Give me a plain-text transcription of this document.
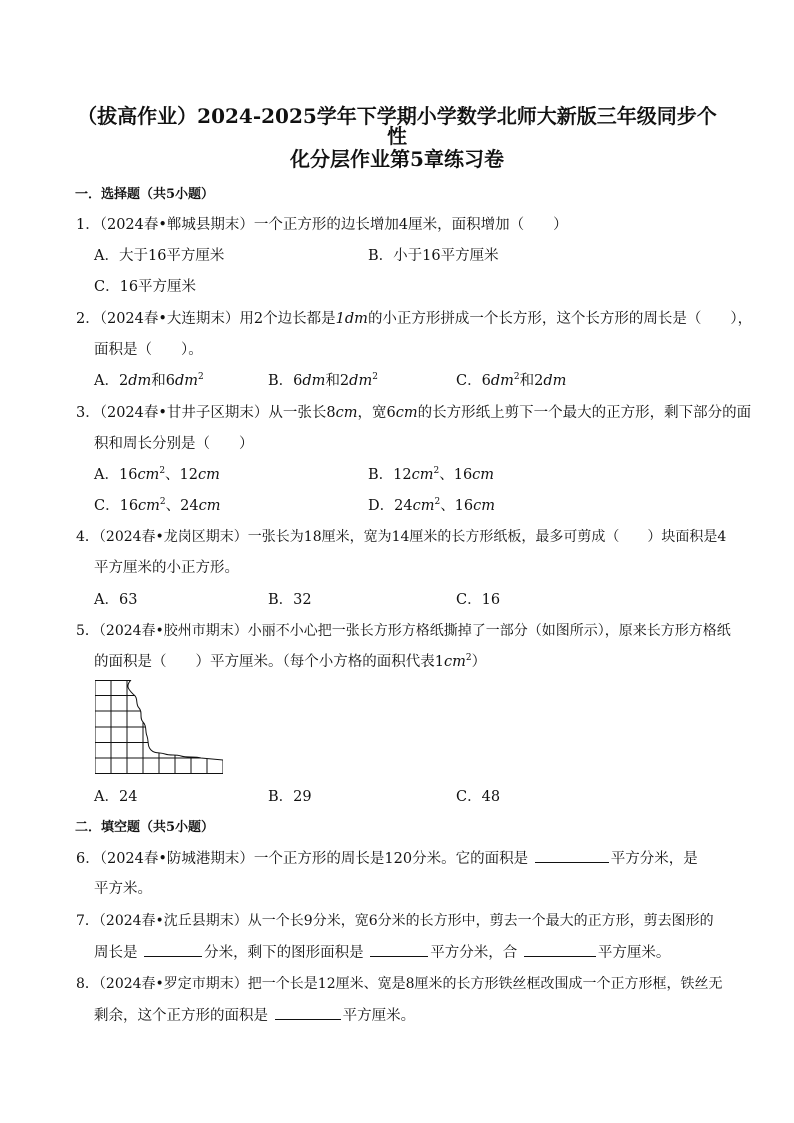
（拔高作业）2024-2025学年下学期小学数学北师大新版三年级同步个性
化分层作业第5章练习卷
一．选择题（共5小题）
1．（2024春•郸城县期末）一个正方形的边长增加4厘米，面积增加（　　）
A．大于16平方厘米	B．小于16平方厘米
C．16平方厘米
2．（2024春•大连期末）用2个边长都是1dm的小正方形拼成一个长方形，这个长方形的周长是（　　），
面积是（　　）。
A．2dm和$6dm^2$	B．6dm和$2dm^2$	C．$6dm^2$和2dm
3．（2024春•甘井子区期末）从一张长8cm，宽6cm的长方形纸上剪下一个最大的正方形，剩下部分的面
积和周长分别是（　　）
A．$16cm^2$、12cm	B．$12cm^2$、16cm
C．$16cm^2$、24cm	D．$24cm^2$、16cm
4．（2024春•龙岗区期末）一张长为18厘米，宽为14厘米的长方形纸板，最多可剪成（　　）块面积是4
平方厘米的小正方形。
A．63	B．32	C．16
5．（2024春•胶州市期末）小丽不小心把一张长方形方格纸撕掉了一部分（如图所示），原来长方形方格纸
的面积是（　　）平方厘米。（每个小方格的面积代表$1cm^2$）
A．24	B．29	C．48
二．填空题（共5小题）
6．（2024春•防城港期末）一个正方形的周长是120分米。它的面积是	平方分米，是
平方米。
7．（2024春•沈丘县期末）从一个长9分米，宽6分米的长方形中，剪去一个最大的正方形，剪去图形的
周长是	分米，剩下的图形面积是	平方分米，合	平方厘米。
8．（2024春•罗定市期末）把一个长是12厘米、宽是8厘米的长方形铁丝框改围成一个正方形框，铁丝无
剩余，这个正方形的面积是	平方厘米。
